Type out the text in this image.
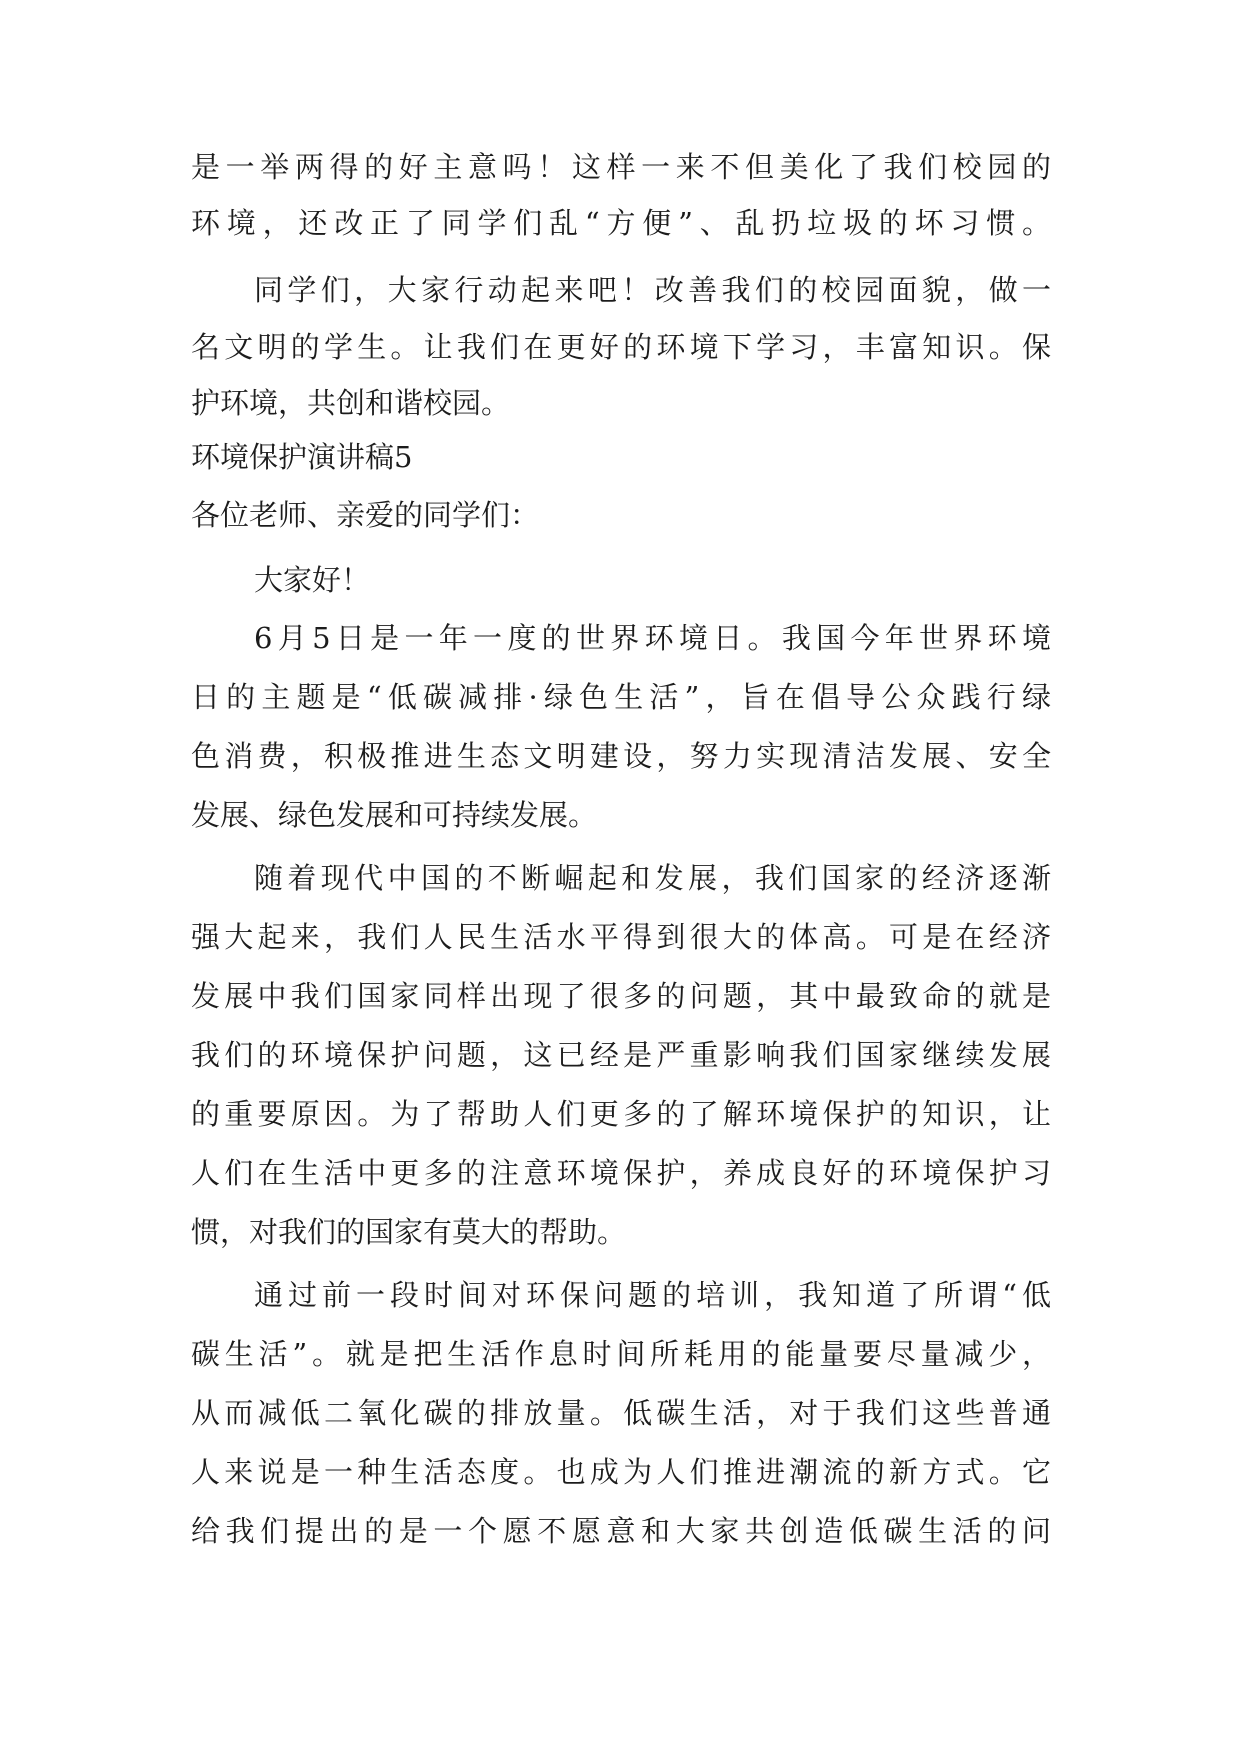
是一举两得的好主意吗！这样一来不但美化了我们校园的

环境，还改正了同学们乱“方便”、乱扔垃圾的坏习惯。

同学们，大家行动起来吧！改善我们的校园面貌，做一

名文明的学生。让我们在更好的环境下学习，丰富知识。保

护环境，共创和谐校园。

环境保护演讲稿5

各位老师、亲爱的同学们：

大家好！

6月5日是一年一度的世界环境日。我国今年世界环境

日的主题是“低碳减排·绿色生活”，旨在倡导公众践行绿

色消费，积极推进生态文明建设，努力实现清洁发展、安全

发展、绿色发展和可持续发展。

随着现代中国的不断崛起和发展，我们国家的经济逐渐

强大起来，我们人民生活水平得到很大的体高。可是在经济

发展中我们国家同样出现了很多的问题，其中最致命的就是

我们的环境保护问题，这已经是严重影响我们国家继续发展

的重要原因。为了帮助人们更多的了解环境保护的知识，让

人们在生活中更多的注意环境保护，养成良好的环境保护习

惯，对我们的国家有莫大的帮助。

通过前一段时间对环保问题的培训，我知道了所谓“低

碳生活”。就是把生活作息时间所耗用的能量要尽量减少，

从而减低二氧化碳的排放量。低碳生活，对于我们这些普通

人来说是一种生活态度。也成为人们推进潮流的新方式。它

给我们提出的是一个愿不愿意和大家共创造低碳生活的问
